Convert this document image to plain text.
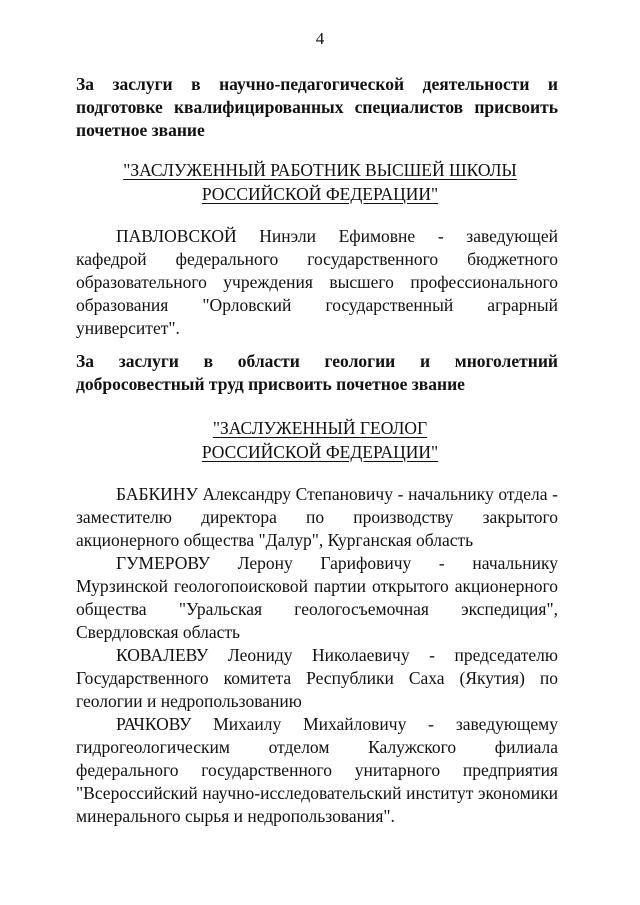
4
За заслуги в научно-педагогической деятельности и
подготовке квалифицированных специалистов присвоить
почетное звание
"ЗАСЛУЖЕННЫЙ РАБОТНИК ВЫСШЕЙ ШКОЛЫ
РОССИЙСКОЙ ФЕДЕРАЦИИ"

ПАВЛОВСКОЙ Нинэли Ефимовне - заведующей кафедрой федерального государственного бюджетного образовательного учреждения высшего профессионального образования "Орловский государственный аграрный университет".

За заслуги в области геологии и многолетний
добросовестный труд присвоить почетное звание
"ЗАСЛУЖЕННЫЙ ГЕОЛОГ
РОССИЙСКОЙ ФЕДЕРАЦИИ"

БАБКИНУ Александру Степановичу - начальнику отдела - заместителю директора по производству закрытого акционерного общества "Далур", Курганская область

ГУМЕРОВУ Лерону Гарифовичу - начальнику Мурзинской геологопоисковой партии открытого акционерного общества "Уральская геологосъемочная экспедиция", Свердловская область

КОВАЛЕВУ Леониду Николаевичу - председателю Государственного комитета Республики Саха (Якутия) по геологии и недропользованию

РАЧКОВУ Михаилу Михайловичу - заведующему гидрогеологическим отделом Калужского филиала федерального государственного унитарного предприятия "Всероссийский научно-исследовательский институт экономики минерального сырья и недропользования".
